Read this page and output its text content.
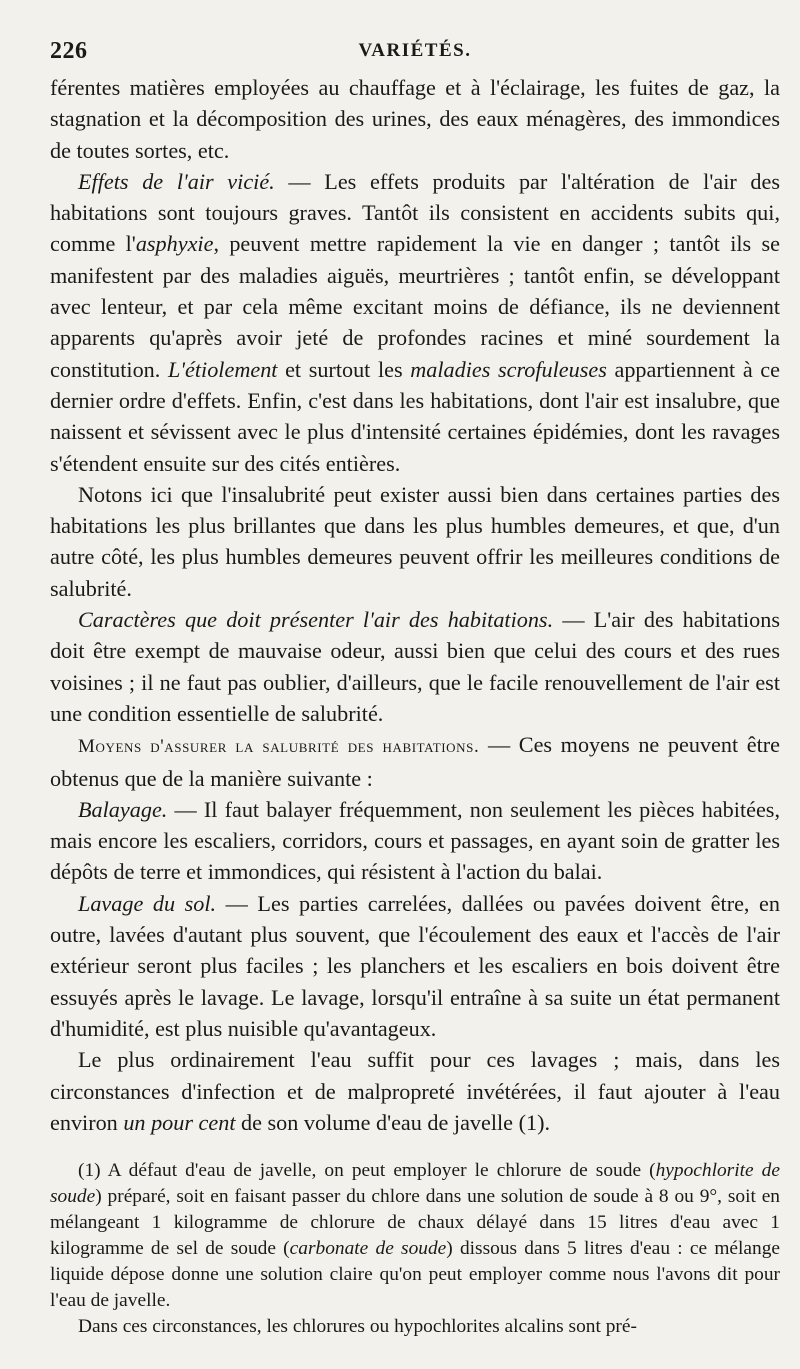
226	VARIÉTÉS.

férentes matières employées au chauffage et à l'éclairage, les fuites de gaz, la stagnation et la décomposition des urines, des eaux ménagères, des immondices de toutes sortes, etc.

Effets de l'air vicié. — Les effets produits par l'altération de l'air des habitations sont toujours graves. Tantôt ils consistent en accidents subits qui, comme l'asphyxie, peuvent mettre rapidement la vie en danger ; tantôt ils se manifestent par des maladies aiguës, meurtrières ; tantôt enfin, se développant avec lenteur, et par cela même excitant moins de défiance, ils ne deviennent apparents qu'après avoir jeté de profondes racines et miné sourdement la constitution. L'étiolement et surtout les maladies scrofuleuses appartiennent à ce dernier ordre d'effets. Enfin, c'est dans les habitations, dont l'air est insalubre, que naissent et sévissent avec le plus d'intensité certaines épidémies, dont les ravages s'étendent ensuite sur des cités entières.

Notons ici que l'insalubrité peut exister aussi bien dans certaines parties des habitations les plus brillantes que dans les plus humbles demeures, et que, d'un autre côté, les plus humbles demeures peuvent offrir les meilleures conditions de salubrité.

Caractères que doit présenter l'air des habitations. — L'air des habitations doit être exempt de mauvaise odeur, aussi bien que celui des cours et des rues voisines ; il ne faut pas oublier, d'ailleurs, que le facile renouvellement de l'air est une condition essentielle de salubrité.

Moyens d'assurer la salubrité des habitations. — Ces moyens ne peuvent être obtenus que de la manière suivante :

Balayage. — Il faut balayer fréquemment, non seulement les pièces habitées, mais encore les escaliers, corridors, cours et passages, en ayant soin de gratter les dépôts de terre et immondices, qui résistent à l'action du balai.

Lavage du sol. — Les parties carrelées, dallées ou pavées doivent être, en outre, lavées d'autant plus souvent, que l'écoulement des eaux et l'accès de l'air extérieur seront plus faciles ; les planchers et les escaliers en bois doivent être essuyés après le lavage. Le lavage, lorsqu'il entraîne à sa suite un état permanent d'humidité, est plus nuisible qu'avantageux.

Le plus ordinairement l'eau suffit pour ces lavages ; mais, dans les circonstances d'infection et de malpropreté invétérées, il faut ajouter à l'eau environ un pour cent de son volume d'eau de javelle (1).

(1) A défaut d'eau de javelle, on peut employer le chlorure de soude (hypochlorite de soude) préparé, soit en faisant passer du chlore dans une solution de soude à 8 ou 9°, soit en mélangeant 1 kilogramme de chlorure de chaux délayé dans 15 litres d'eau avec 1 kilogramme de sel de soude (carbonate de soude) dissous dans 5 litres d'eau : ce mélange liquide dépose donne une solution claire qu'on peut employer comme nous l'avons dit pour l'eau de javelle.

Dans ces circonstances, les chlorures ou hypochlorites alcalins sont pré-
